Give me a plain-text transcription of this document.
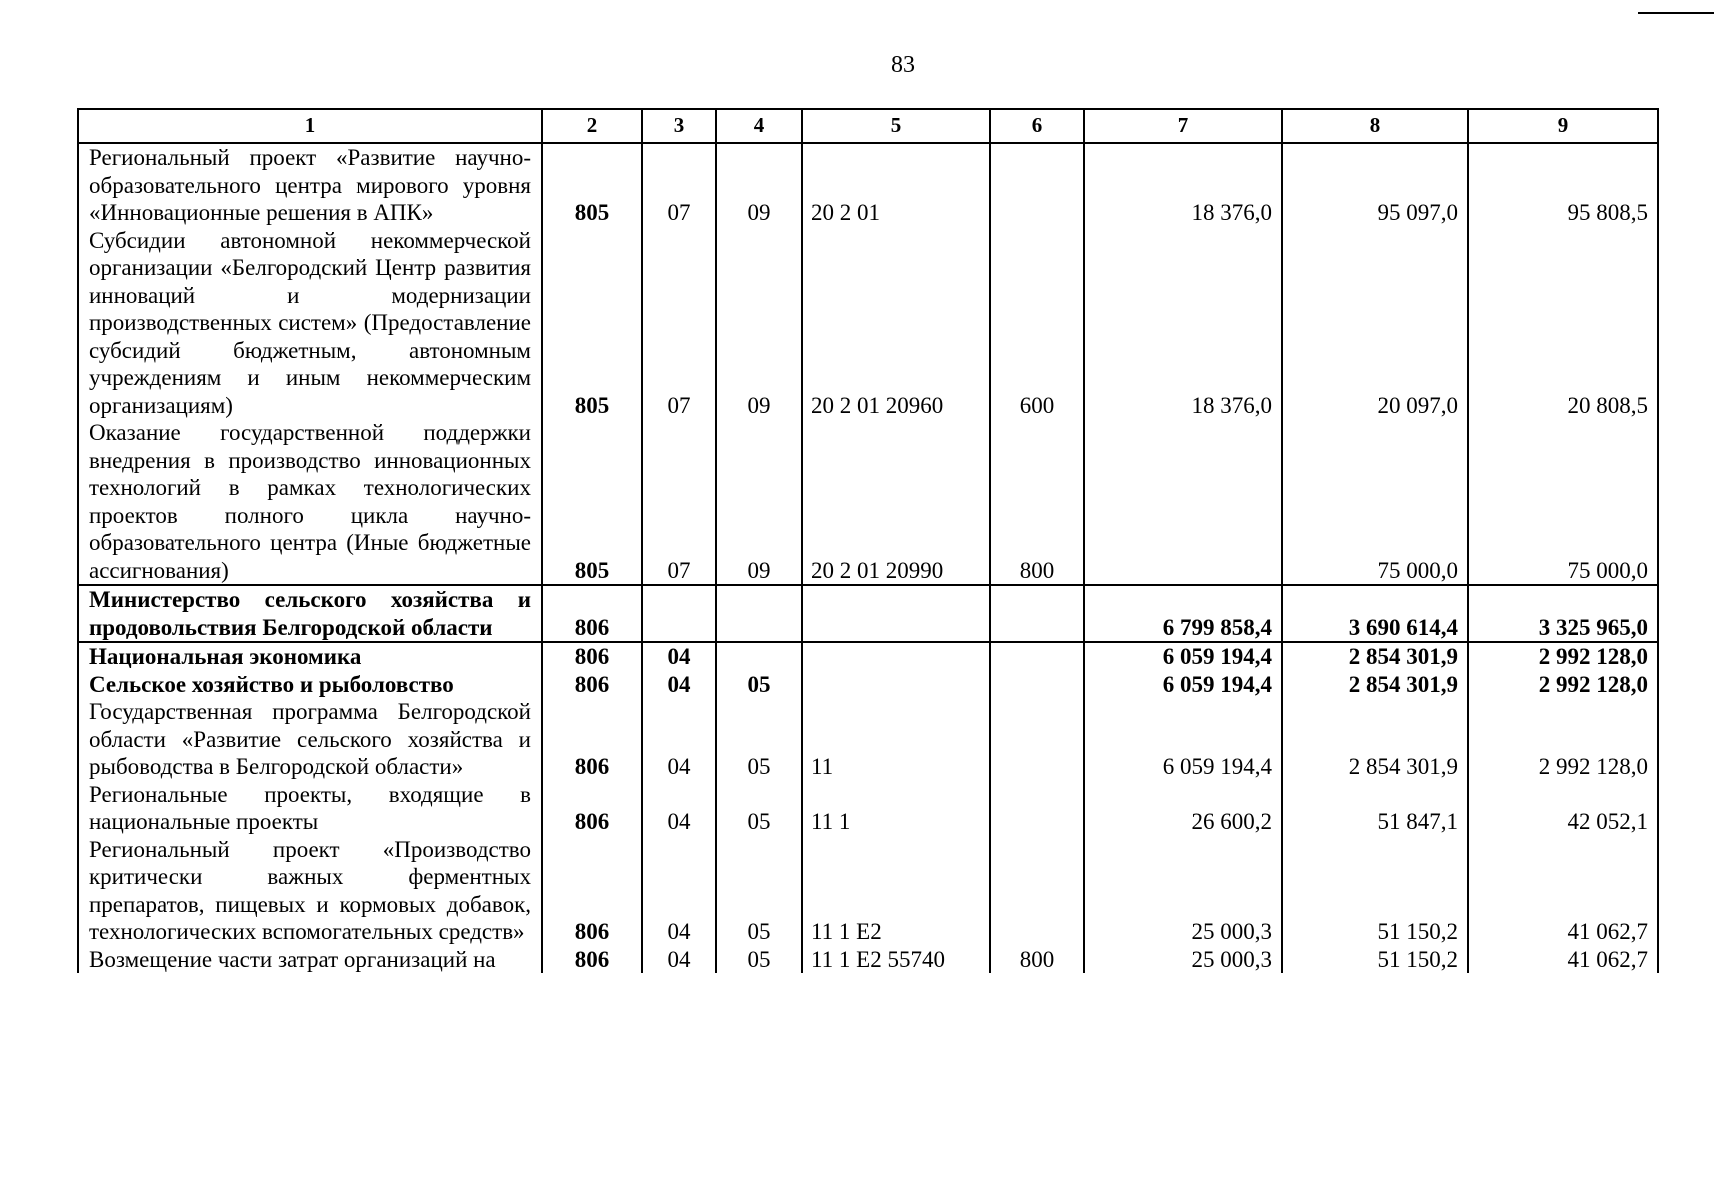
83
1	2	3	4	5	6	7	8	9
Региональный проект «Развитие научно-образовательного центра мирового уровня «Инновационные решения в АПК»	805	07	09	20 2 01		18 376,0	95 097,0	95 808,5
Субсидии автономной некоммерческой организации «Белгородский Центр развития инноваций и модернизации производственных систем» (Предоставление субсидий бюджетным, автономным учреждениям и иным некоммерческим организациям)	805	07	09	20 2 01 20960	600	18 376,0	20 097,0	20 808,5
Оказание государственной поддержки внедрения в производство инновационных технологий в рамках технологических проектов полного цикла научно-образовательного центра (Иные бюджетные ассигнования)	805	07	09	20 2 01 20990	800		75 000,0	75 000,0
Министерство сельского хозяйства и продовольствия Белгородской области	806					6 799 858,4	3 690 614,4	3 325 965,0
Национальная экономика	806	04				6 059 194,4	2 854 301,9	2 992 128,0
Сельское хозяйство и рыболовство	806	04	05			6 059 194,4	2 854 301,9	2 992 128,0
Государственная программа Белгородской области «Развитие сельского хозяйства и рыбоводства в Белгородской области»	806	04	05	11		6 059 194,4	2 854 301,9	2 992 128,0
Региональные проекты, входящие в национальные проекты	806	04	05	11 1		26 600,2	51 847,1	42 052,1
Региональный проект «Производство критически важных ферментных препаратов, пищевых и кормовых добавок, технологических вспомогательных средств»	806	04	05	11 1 E2		25 000,3	51 150,2	41 062,7
Возмещение части затрат организаций на	806	04	05	11 1 E2 55740	800	25 000,3	51 150,2	41 062,7
